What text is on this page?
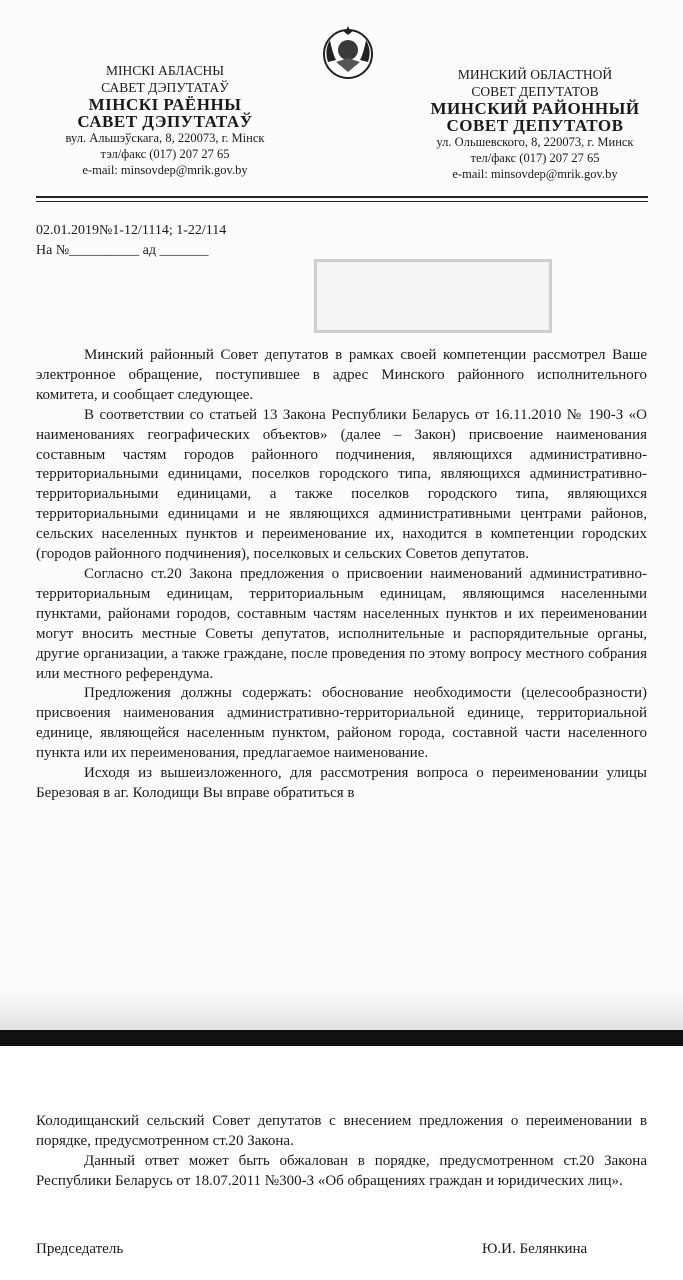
МІНСКІ АБЛАСНЫ
САВЕТ ДЭПУТАТАЎ
МІНСКІ РАЁННЫ
САВЕТ ДЭПУТАТАЎ
вул. Альшэўскага, 8, 220073, г. Мінск
тэл/факс (017) 207 27 65
e-mail: minsovdep@mrik.gov.by
МИНСКИЙ ОБЛАСТНОЙ
СОВЕТ ДЕПУТАТОВ
МИНСКИЙ РАЙОННЫЙ
СОВЕТ ДЕПУТАТОВ
ул. Ольшевского, 8, 220073, г. Минск
тел/факс (017) 207 27 65
e-mail: minsovdep@mrik.gov.by
02.01.2019№1-12/1114; 1-22/114
На №__________ ад _______

Минский районный Совет депутатов в рамках своей компетенции рассмотрел Ваше электронное обращение, поступившее в адрес Минского районного исполнительного комитета, и сообщает следующее.

В соответствии со статьей 13 Закона Республики Беларусь от 16.11.2010 № 190-З «О наименованиях географических объектов» (далее – Закон) присвоение наименования составным частям городов районного подчинения, являющихся административно-территориальными единицами, поселков городского типа, являющихся административно-территориальными единицами, а также поселков городского типа, являющихся территориальными единицами и не являющихся административными центрами районов, сельских населенных пунктов и переименование их, находится в компетенции городских (городов районного подчинения), поселковых и сельских Советов депутатов.

Согласно ст.20 Закона предложения о присвоении наименований административно-территориальным единицам, территориальным единицам, являющимся населенными пунктами, районами городов, составным частям населенных пунктов и их переименовании могут вносить местные Советы депутатов, исполнительные и распорядительные органы, другие организации, а также граждане, после проведения по этому вопросу местного собрания или местного референдума.

Предложения должны содержать: обоснование необходимости (целесообразности) присвоения наименования административно-территориальной единице, территориальной единице, являющейся населенным пунктом, районом города, составной части населенного пункта или их переименования, предлагаемое наименование.

Исходя из вышеизложенного, для рассмотрения вопроса о переименовании улицы Березовая в аг. Колодищи Вы вправе обратиться в

Колодищанский сельский Совет депутатов с внесением предложения о переименовании в порядке, предусмотренном ст.20 Закона.

Данный ответ может быть обжалован в порядке, предусмотренном ст.20 Закона Республики Беларусь от 18.07.2011 №300-З «Об обращениях граждан и юридических лиц».

Председатель	Ю.И. Белянкина
